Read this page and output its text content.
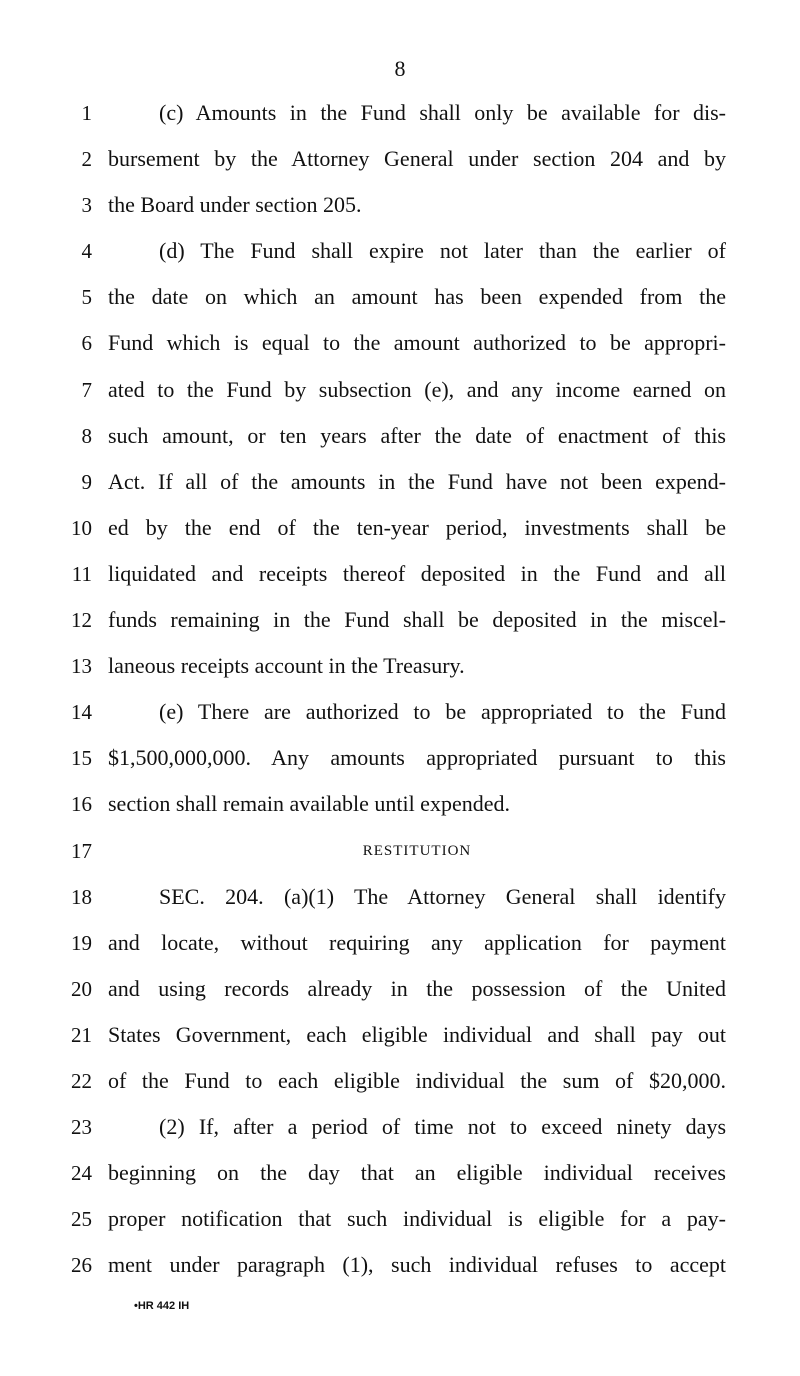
8
1	(c) Amounts in the Fund shall only be available for dis-
2 bursement by the Attorney General under section 204 and by
3 the Board under section 205.
4	(d) The Fund shall expire not later than the earlier of
5 the date on which an amount has been expended from the
6 Fund which is equal to the amount authorized to be appropri-
7 ated to the Fund by subsection (e), and any income earned on
8 such amount, or ten years after the date of enactment of this
9 Act. If all of the amounts in the Fund have not been expend-
10 ed by the end of the ten-year period, investments shall be
11 liquidated and receipts thereof deposited in the Fund and all
12 funds remaining in the Fund shall be deposited in the miscel-
13 laneous receipts account in the Treasury.
14	(e) There are authorized to be appropriated to the Fund
15 $1,500,000,000. Any amounts appropriated pursuant to this
16 section shall remain available until expended.
17	RESTITUTION
18	SEC. 204. (a)(1) The Attorney General shall identify
19 and locate, without requiring any application for payment
20 and using records already in the possession of the United
21 States Government, each eligible individual and shall pay out
22 of the Fund to each eligible individual the sum of $20,000.
23	(2) If, after a period of time not to exceed ninety days
24 beginning on the day that an eligible individual receives
25 proper notification that such individual is eligible for a pay-
26 ment under paragraph (1), such individual refuses to accept
•HR 442 IH
